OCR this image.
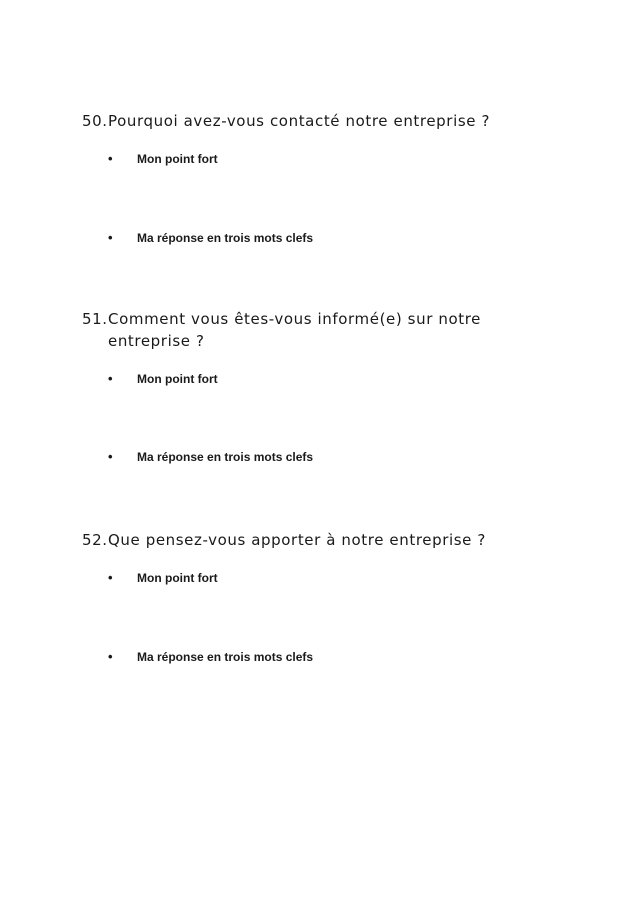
50. Pourquoi avez-vous contacté notre entreprise ?
• Mon point fort
• Ma réponse en trois mots clefs
51. Comment vous êtes-vous informé(e) sur notre entreprise ?
• Mon point fort
• Ma réponse en trois mots clefs
52. Que pensez-vous apporter à notre entreprise ?
• Mon point fort
• Ma réponse en trois mots clefs
